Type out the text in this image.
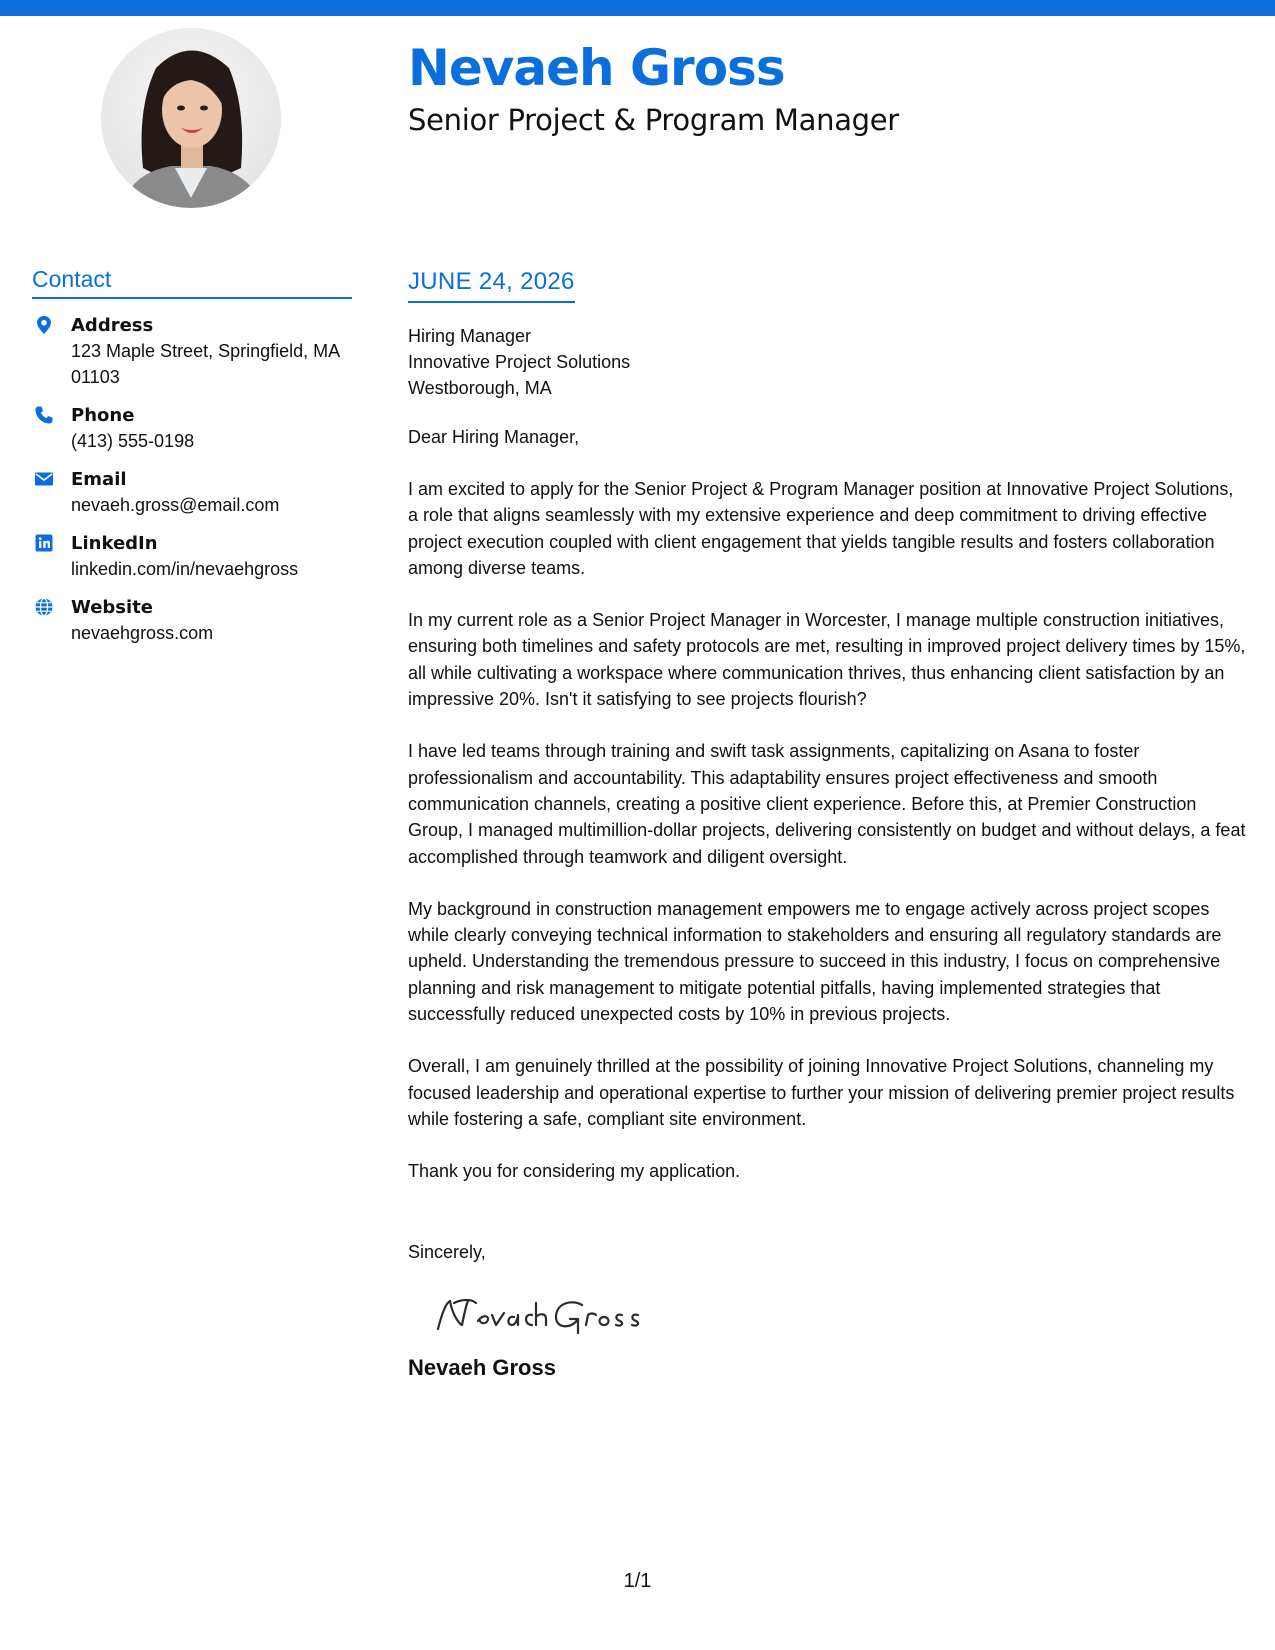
Nevaeh Gross
Senior Project & Program Manager
Contact
Address
123 Maple Street, Springfield, MA 01103
Phone
(413) 555-0198
Email
nevaeh.gross@email.com
LinkedIn
linkedin.com/in/nevaehgross
Website
nevaehgross.com
JUNE 24, 2026
Hiring Manager
Innovative Project Solutions
Westborough, MA
Dear Hiring Manager,

I am excited to apply for the Senior Project & Program Manager position at Innovative Project Solutions, a role that aligns seamlessly with my extensive experience and deep commitment to driving effective project execution coupled with client engagement that yields tangible results and fosters collaboration among diverse teams.

In my current role as a Senior Project Manager in Worcester, I manage multiple construction initiatives, ensuring both timelines and safety protocols are met, resulting in improved project delivery times by 15%, all while cultivating a workspace where communication thrives, thus enhancing client satisfaction by an impressive 20%. Isn't it satisfying to see projects flourish?

I have led teams through training and swift task assignments, capitalizing on Asana to foster professionalism and accountability. This adaptability ensures project effectiveness and smooth communication channels, creating a positive client experience. Before this, at Premier Construction Group, I managed multimillion-dollar projects, delivering consistently on budget and without delays, a feat accomplished through teamwork and diligent oversight.

My background in construction management empowers me to engage actively across project scopes while clearly conveying technical information to stakeholders and ensuring all regulatory standards are upheld. Understanding the tremendous pressure to succeed in this industry, I focus on comprehensive planning and risk management to mitigate potential pitfalls, having implemented strategies that successfully reduced unexpected costs by 10% in previous projects.

Overall, I am genuinely thrilled at the possibility of joining Innovative Project Solutions, channeling my focused leadership and operational expertise to further your mission of delivering premier project results while fostering a safe, compliant site environment.

Thank you for considering my application.

Sincerely,
Nevaeh Gross
1/1
